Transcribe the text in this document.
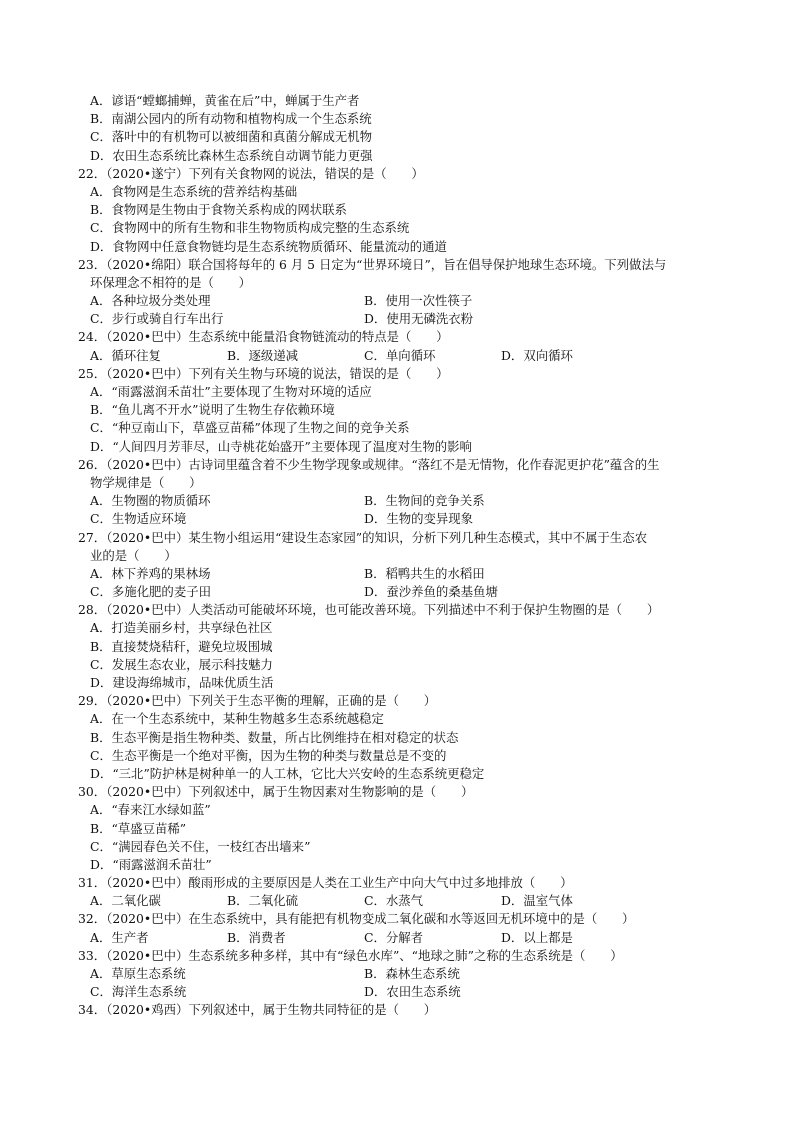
A．谚语“螳螂捕蝉，黄雀在后”中，蝉属于生产者
B．南湖公园内的所有动物和植物构成一个生态系统
C．落叶中的有机物可以被细菌和真菌分解成无机物
D．农田生态系统比森林生态系统自动调节能力更强
22．（2020•遂宁）下列有关食物网的说法，错误的是（　　）
A．食物网是生态系统的营养结构基础
B．食物网是生物由于食物关系构成的网状联系
C．食物网中的所有生物和非生物物质构成完整的生态系统
D．食物网中任意食物链均是生态系统物质循环、能量流动的通道
23．（2020•绵阳）联合国将每年的 6 月 5 日定为“世界环境日”，旨在倡导保护地球生态环境。下列做法与
环保理念不相符的是（　　）
A．各种垃圾分类处理	B．使用一次性筷子
C．步行或骑自行车出行	D．使用无磷洗衣粉
24．（2020•巴中）生态系统中能量沿食物链流动的特点是（　　）
A．循环往复	B．逐级递减	C．单向循环	D．双向循环
25．（2020•巴中）下列有关生物与环境的说法，错误的是（　　）
A．“雨露滋润禾苗壮”主要体现了生物对环境的适应
B．“鱼儿离不开水”说明了生物生存依赖环境
C．“种豆南山下，草盛豆苗稀”体现了生物之间的竞争关系
D．“人间四月芳菲尽，山寺桃花始盛开”主要体现了温度对生物的影响
26．（2020•巴中）古诗词里蕴含着不少生物学现象或规律。“落红不是无情物，化作春泥更护花”蕴含的生
物学规律是（　　）
A．生物圈的物质循环	B．生物间的竞争关系
C．生物适应环境	D．生物的变异现象
27．（2020•巴中）某生物小组运用“建设生态家园”的知识，分析下列几种生态模式，其中不属于生态农
业的是（　　）
A．林下养鸡的果林场	B．稻鸭共生的水稻田
C．多施化肥的麦子田	D．蚕沙养鱼的桑基鱼塘
28．（2020•巴中）人类活动可能破坏环境，也可能改善环境。下列描述中不利于保护生物圈的是（　　）
A．打造美丽乡村，共享绿色社区
B．直接焚烧秸秆，避免垃圾围城
C．发展生态农业，展示科技魅力
D．建设海绵城市，品味优质生活
29．（2020•巴中）下列关于生态平衡的理解，正确的是（　　）
A．在一个生态系统中，某种生物越多生态系统越稳定
B．生态平衡是指生物种类、数量，所占比例维持在相对稳定的状态
C．生态平衡是一个绝对平衡，因为生物的种类与数量总是不变的
D．“三北”防护林是树种单一的人工林，它比大兴安岭的生态系统更稳定
30．（2020•巴中）下列叙述中，属于生物因素对生物影响的是（　　）
A．“春来江水绿如蓝”
B．“草盛豆苗稀”
C．“满园春色关不住，一枝红杏出墙来”
D．“雨露滋润禾苗壮”
31．（2020•巴中）酸雨形成的主要原因是人类在工业生产中向大气中过多地排放（　　）
A．二氧化碳	B．二氧化硫	C．水蒸气	D．温室气体
32．（2020•巴中）在生态系统中，具有能把有机物变成二氧化碳和水等返回无机环境中的是（　　）
A．生产者	B．消费者	C．分解者	D．以上都是
33．（2020•巴中）生态系统多种多样，其中有“绿色水库”、“地球之肺”之称的生态系统是（　　）
A．草原生态系统	B．森林生态系统
C．海洋生态系统	D．农田生态系统
34．（2020•鸡西）下列叙述中，属于生物共同特征的是（　　）
